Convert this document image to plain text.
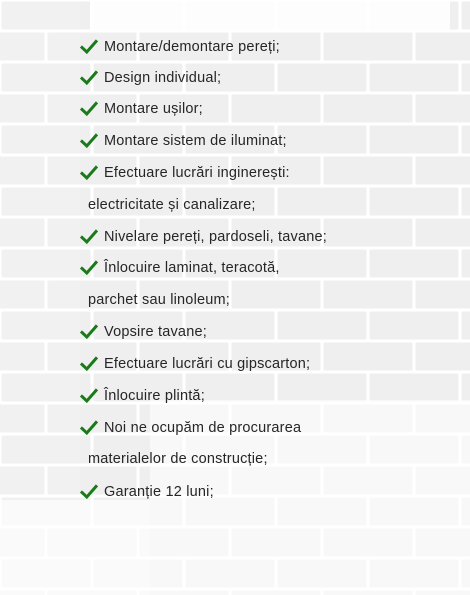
Montare/demontare pereți;
Design individual;
Montare ușilor;
Montare sistem de iluminat;
Efectuare lucrări inginerești:
electricitate și canalizare;
Nivelare pereți, pardoseli, tavane;
Înlocuire laminat, teracotă,
parchet sau linoleum;
Vopsire tavane;
Efectuare lucrări cu gipscarton;
Înlocuire plintă;
Noi ne ocupăm de procurarea
materialelor de construcție;
Garanție 12 luni;
